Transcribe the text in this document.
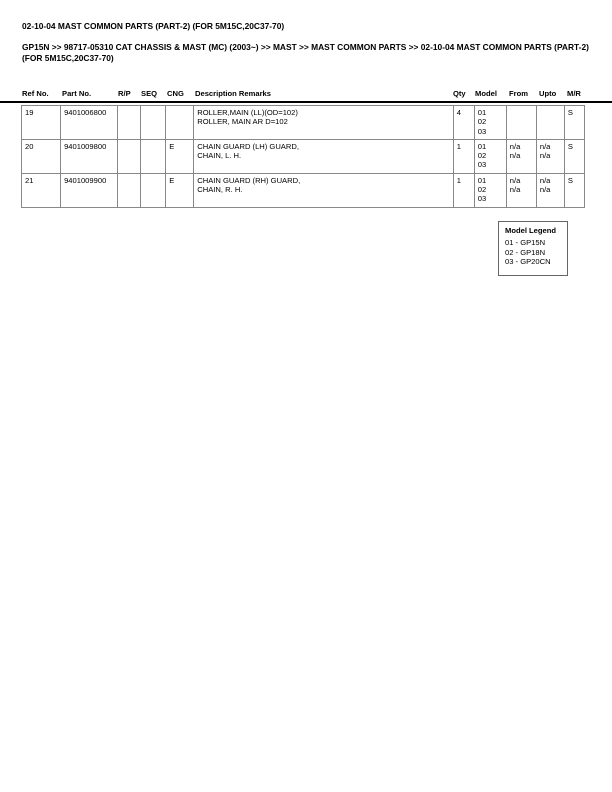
02-10-04 MAST COMMON PARTS (PART-2) (FOR 5M15C,20C37-70)
GP15N >> 98717-05310 CAT CHASSIS & MAST (MC) (2003~) >> MAST >> MAST COMMON PARTS >> 02-10-04 MAST COMMON PARTS (PART-2) (FOR 5M15C,20C37-70)
Ref No. Part No.	R/P SEQ CNG Description Remarks	Qty Model From Upto M/R
19	9401006800				ROLLER,MAIN (LL)(OD=102)
ROLLER, MAIN AR D=102	4	01
02
03			S
20	9401009800			E	CHAIN GUARD (LH) GUARD,
CHAIN, L. H.	1	01
02
03	n/a
n/a	n/a
n/a	S
21	9401009900			E	CHAIN GUARD (RH) GUARD,
CHAIN, R. H.	1	01
02
03	n/a
n/a	n/a
n/a	S
Model Legend
01 - GP15N
02 - GP18N
03 - GP20CN
